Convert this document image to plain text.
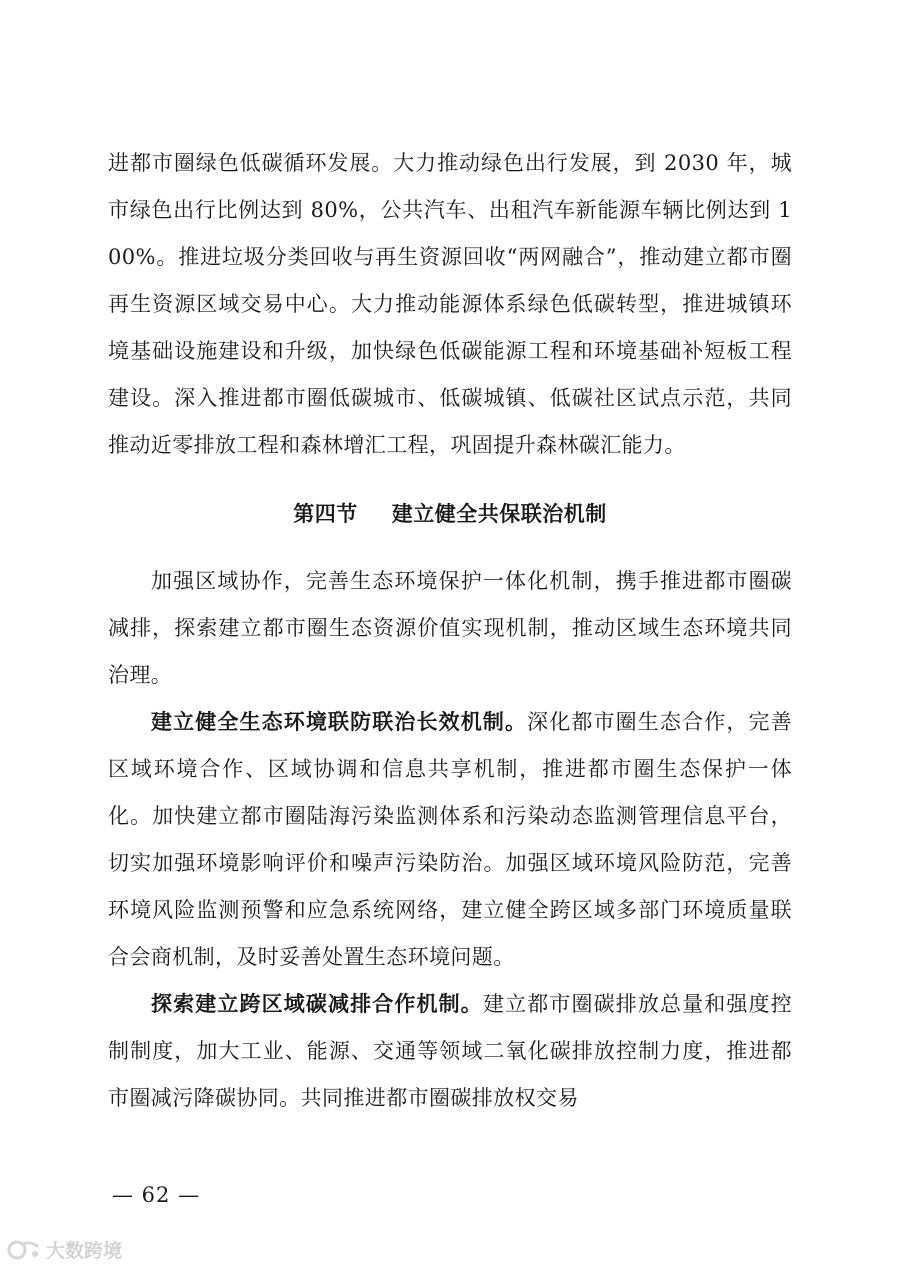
进都市圈绿色低碳循环发展。大力推动绿色出行发展，到 2030 年，城市绿色出行比例达到 80%，公共汽车、出租汽车新能源车辆比例达到 100%。推进垃圾分类回收与再生资源回收“两网融合”，推动建立都市圈再生资源区域交易中心。大力推动能源体系绿色低碳转型，推进城镇环境基础设施建设和升级，加快绿色低碳能源工程和环境基础补短板工程建设。深入推进都市圈低碳城市、低碳城镇、低碳社区试点示范，共同推动近零排放工程和森林增汇工程，巩固提升森林碳汇能力。

第四节 建立健全共保联治机制

加强区域协作，完善生态环境保护一体化机制，携手推进都市圈碳减排，探索建立都市圈生态资源价值实现机制，推动区域生态环境共同治理。

建立健全生态环境联防联治长效机制。深化都市圈生态合作，完善区域环境合作、区域协调和信息共享机制，推进都市圈生态保护一体化。加快建立都市圈陆海污染监测体系和污染动态监测管理信息平台，切实加强环境影响评价和噪声污染防治。加强区域环境风险防范，完善环境风险监测预警和应急系统网络，建立健全跨区域多部门环境质量联合会商机制，及时妥善处置生态环境问题。

探索建立跨区域碳减排合作机制。建立都市圈碳排放总量和强度控制制度，加大工业、能源、交通等领域二氧化碳排放控制力度，推进都市圈减污降碳协同。共同推进都市圈碳排放权交易

— 62 —
大数跨境
